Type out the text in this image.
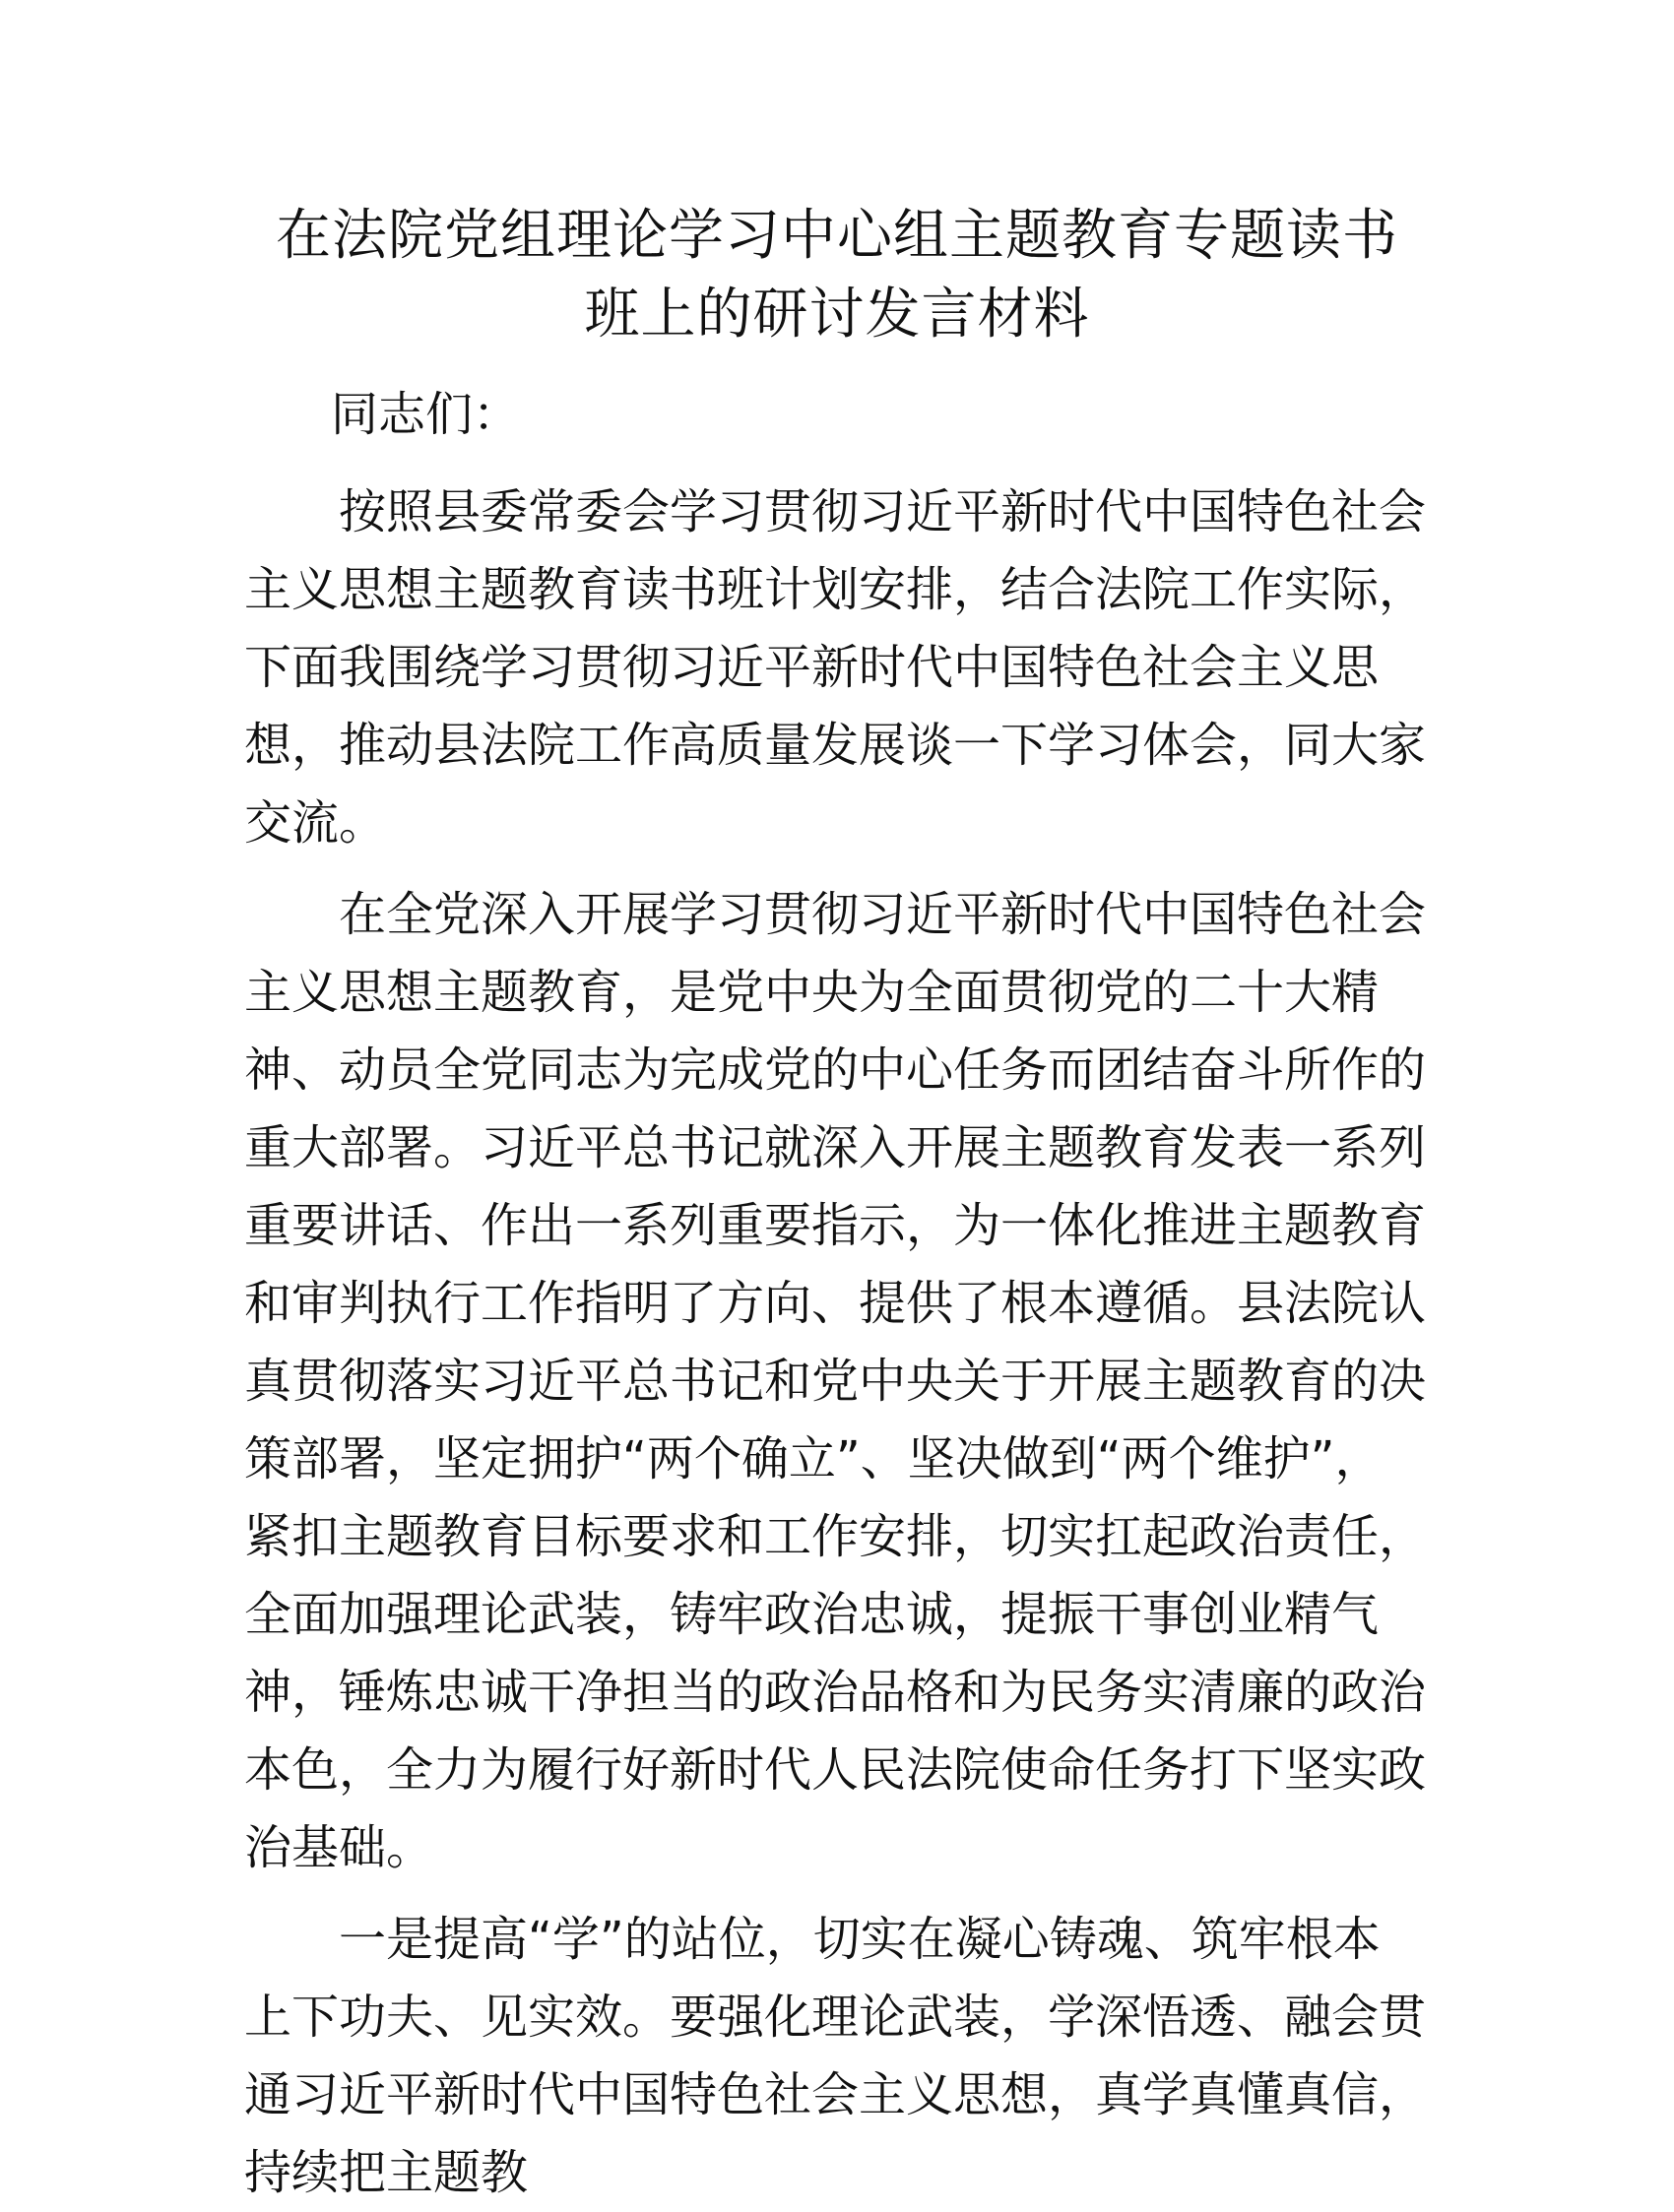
在法院党组理论学习中心组主题教育专题读书
班上的研讨发言材料

同志们：

按照县委常委会学习贯彻习近平新时代中国特色社会主义思想主题教育读书班计划安排，结合法院工作实际，下面我围绕学习贯彻习近平新时代中国特色社会主义思想，推动县法院工作高质量发展谈一下学习体会，同大家交流。

在全党深入开展学习贯彻习近平新时代中国特色社会主义思想主题教育，是党中央为全面贯彻党的二十大精神、动员全党同志为完成党的中心任务而团结奋斗所作的重大部署。习近平总书记就深入开展主题教育发表一系列重要讲话、作出一系列重要指示，为一体化推进主题教育和审判执行工作指明了方向、提供了根本遵循。县法院认真贯彻落实习近平总书记和党中央关于开展主题教育的决策部署，坚定拥护“两个确立”、坚决做到“两个维护”，紧扣主题教育目标要求和工作安排，切实扛起政治责任，全面加强理论武装，铸牢政治忠诚，提振干事创业精气神，锤炼忠诚干净担当的政治品格和为民务实清廉的政治本色，全力为履行好新时代人民法院使命任务打下坚实政治基础。

一是提高“学”的站位，切实在凝心铸魂、筑牢根本上下功夫、见实效。要强化理论武装，学深悟透、融会贯通习近平新时代中国特色社会主义思想，真学真懂真信，持续把主题教
